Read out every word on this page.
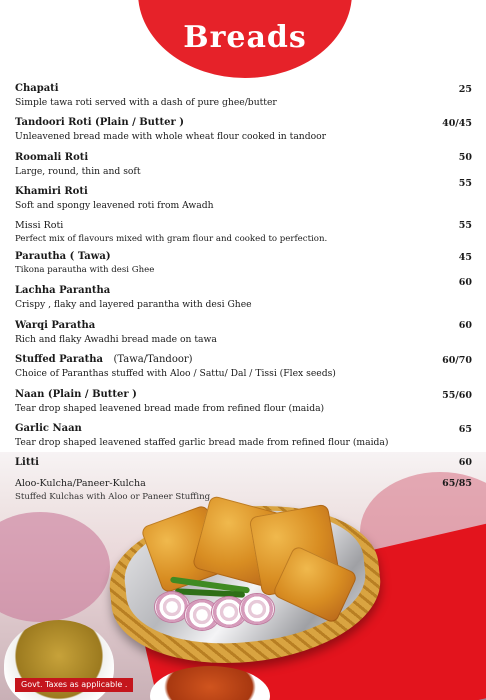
Breads
Chapati
Simple tawa roti served with a dash of pure ghee/butter
25
Tandoori Roti (Plain / Butter )
Unleavened bread made with whole wheat flour cooked in tandoor
40/45
Roomali Roti
Large, round, thin and soft
50
Khamiri Roti
Soft and spongy leavened roti from Awadh
55
Missi Roti
Perfect mix of flavours mixed with gram flour and cooked to perfection.
55
Parautha ( Tawa)
Tikona parautha with desi Ghee
45
Lachha Parantha
Crispy , flaky and layered parantha with desi Ghee
60
Warqi Paratha
Rich and flaky Awadhi bread made on tawa
60
Stuffed Paratha (Tawa/Tandoor)
Choice of Paranthas stuffed with Aloo / Sattu/ Dal / Tissi (Flex seeds)
60/70
Naan (Plain / Butter )
Tear drop shaped leavened bread made from refined flour (maida)
55/60
Garlic Naan
Tear drop shaped leavened staffed garlic bread made from refined flour (maida)
65
Litti	60
Aloo-Kulcha/Paneer-Kulcha
Stuffed Kulchas with Aloo or Paneer Stuffing
65/85
Govt. Taxes as applicable .
